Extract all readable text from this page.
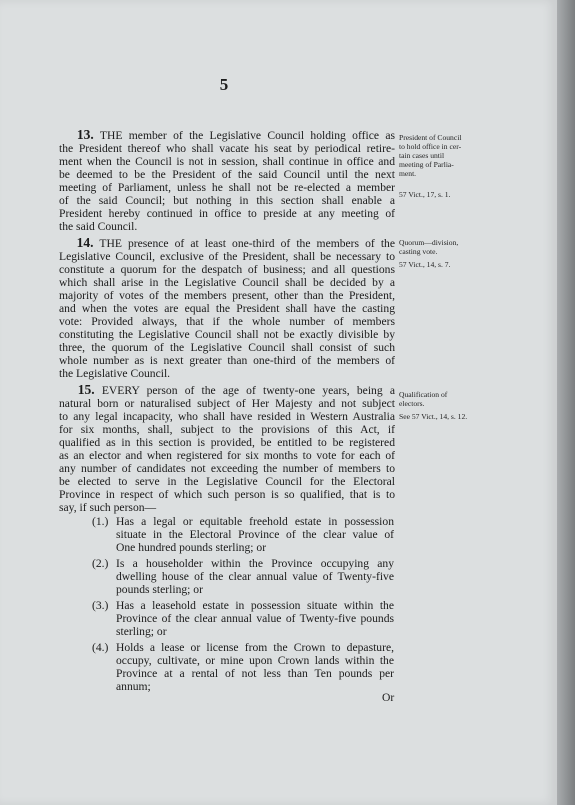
5
  13. THE member of the Legislative Council holding office as
the President thereof who shall vacate his seat by periodical retire-
ment when the Council is not in session, shall continue in office and
be deemed to be the President of the said Council until the next
meeting of Parliament, unless he shall not be re-elected a member
of the said Council; but nothing in this section shall enable a
President hereby continued in office to preside at any meeting of
the said Council.
President of Council
to hold office in cer-
tain cases until
meeting of Parlia-
ment.
57 Vict., 17, s. 1.
  14. THE presence of at least one-third of the members of the
Legislative Council, exclusive of the President, shall be necessary to
constitute a quorum for the despatch of business; and all questions
which shall arise in the Legislative Council shall be decided by a
majority of votes of the members present, other than the President,
and when the votes are equal the President shall have the casting
vote: Provided always, that if the whole number of members
constituting the Legislative Council shall not be exactly divisible by
three, the quorum of the Legislative Council shall consist of such
whole number as is next greater than one-third of the members of
the Legislative Council.
Quorum—division,
casting vote.
57 Vict., 14, s. 7.
  15. EVERY person of the age of twenty-one years, being a
natural born or naturalised subject of Her Majesty and not subject
to any legal incapacity, who shall have resided in Western Australia
for six months, shall, subject to the provisions of this Act, if
qualified as in this section is provided, be entitled to be registered
as an elector and when registered for six months to vote for each of
any number of candidates not exceeding the number of members to
be elected to serve in the Legislative Council for the Electoral
Province in respect of which such person is so qualified, that is to
say, if such person—
Qualification of
electors.
See 57 Vict., 14, s. 12.
(1.) Has a legal or equitable freehold estate in possession
situate in the Electoral Province of the clear value of
One hundred pounds sterling; or
(2.) Is a householder within the Province occupying any
dwelling house of the clear annual value of Twenty-five
pounds sterling; or
(3.) Has a leasehold estate in possession situate within the
Province of the clear annual value of Twenty-five pounds
sterling; or
(4.) Holds a lease or license from the Crown to depasture,
occupy, cultivate, or mine upon Crown lands within the
Province at a rental of not less than Ten pounds per
annum;
Or
